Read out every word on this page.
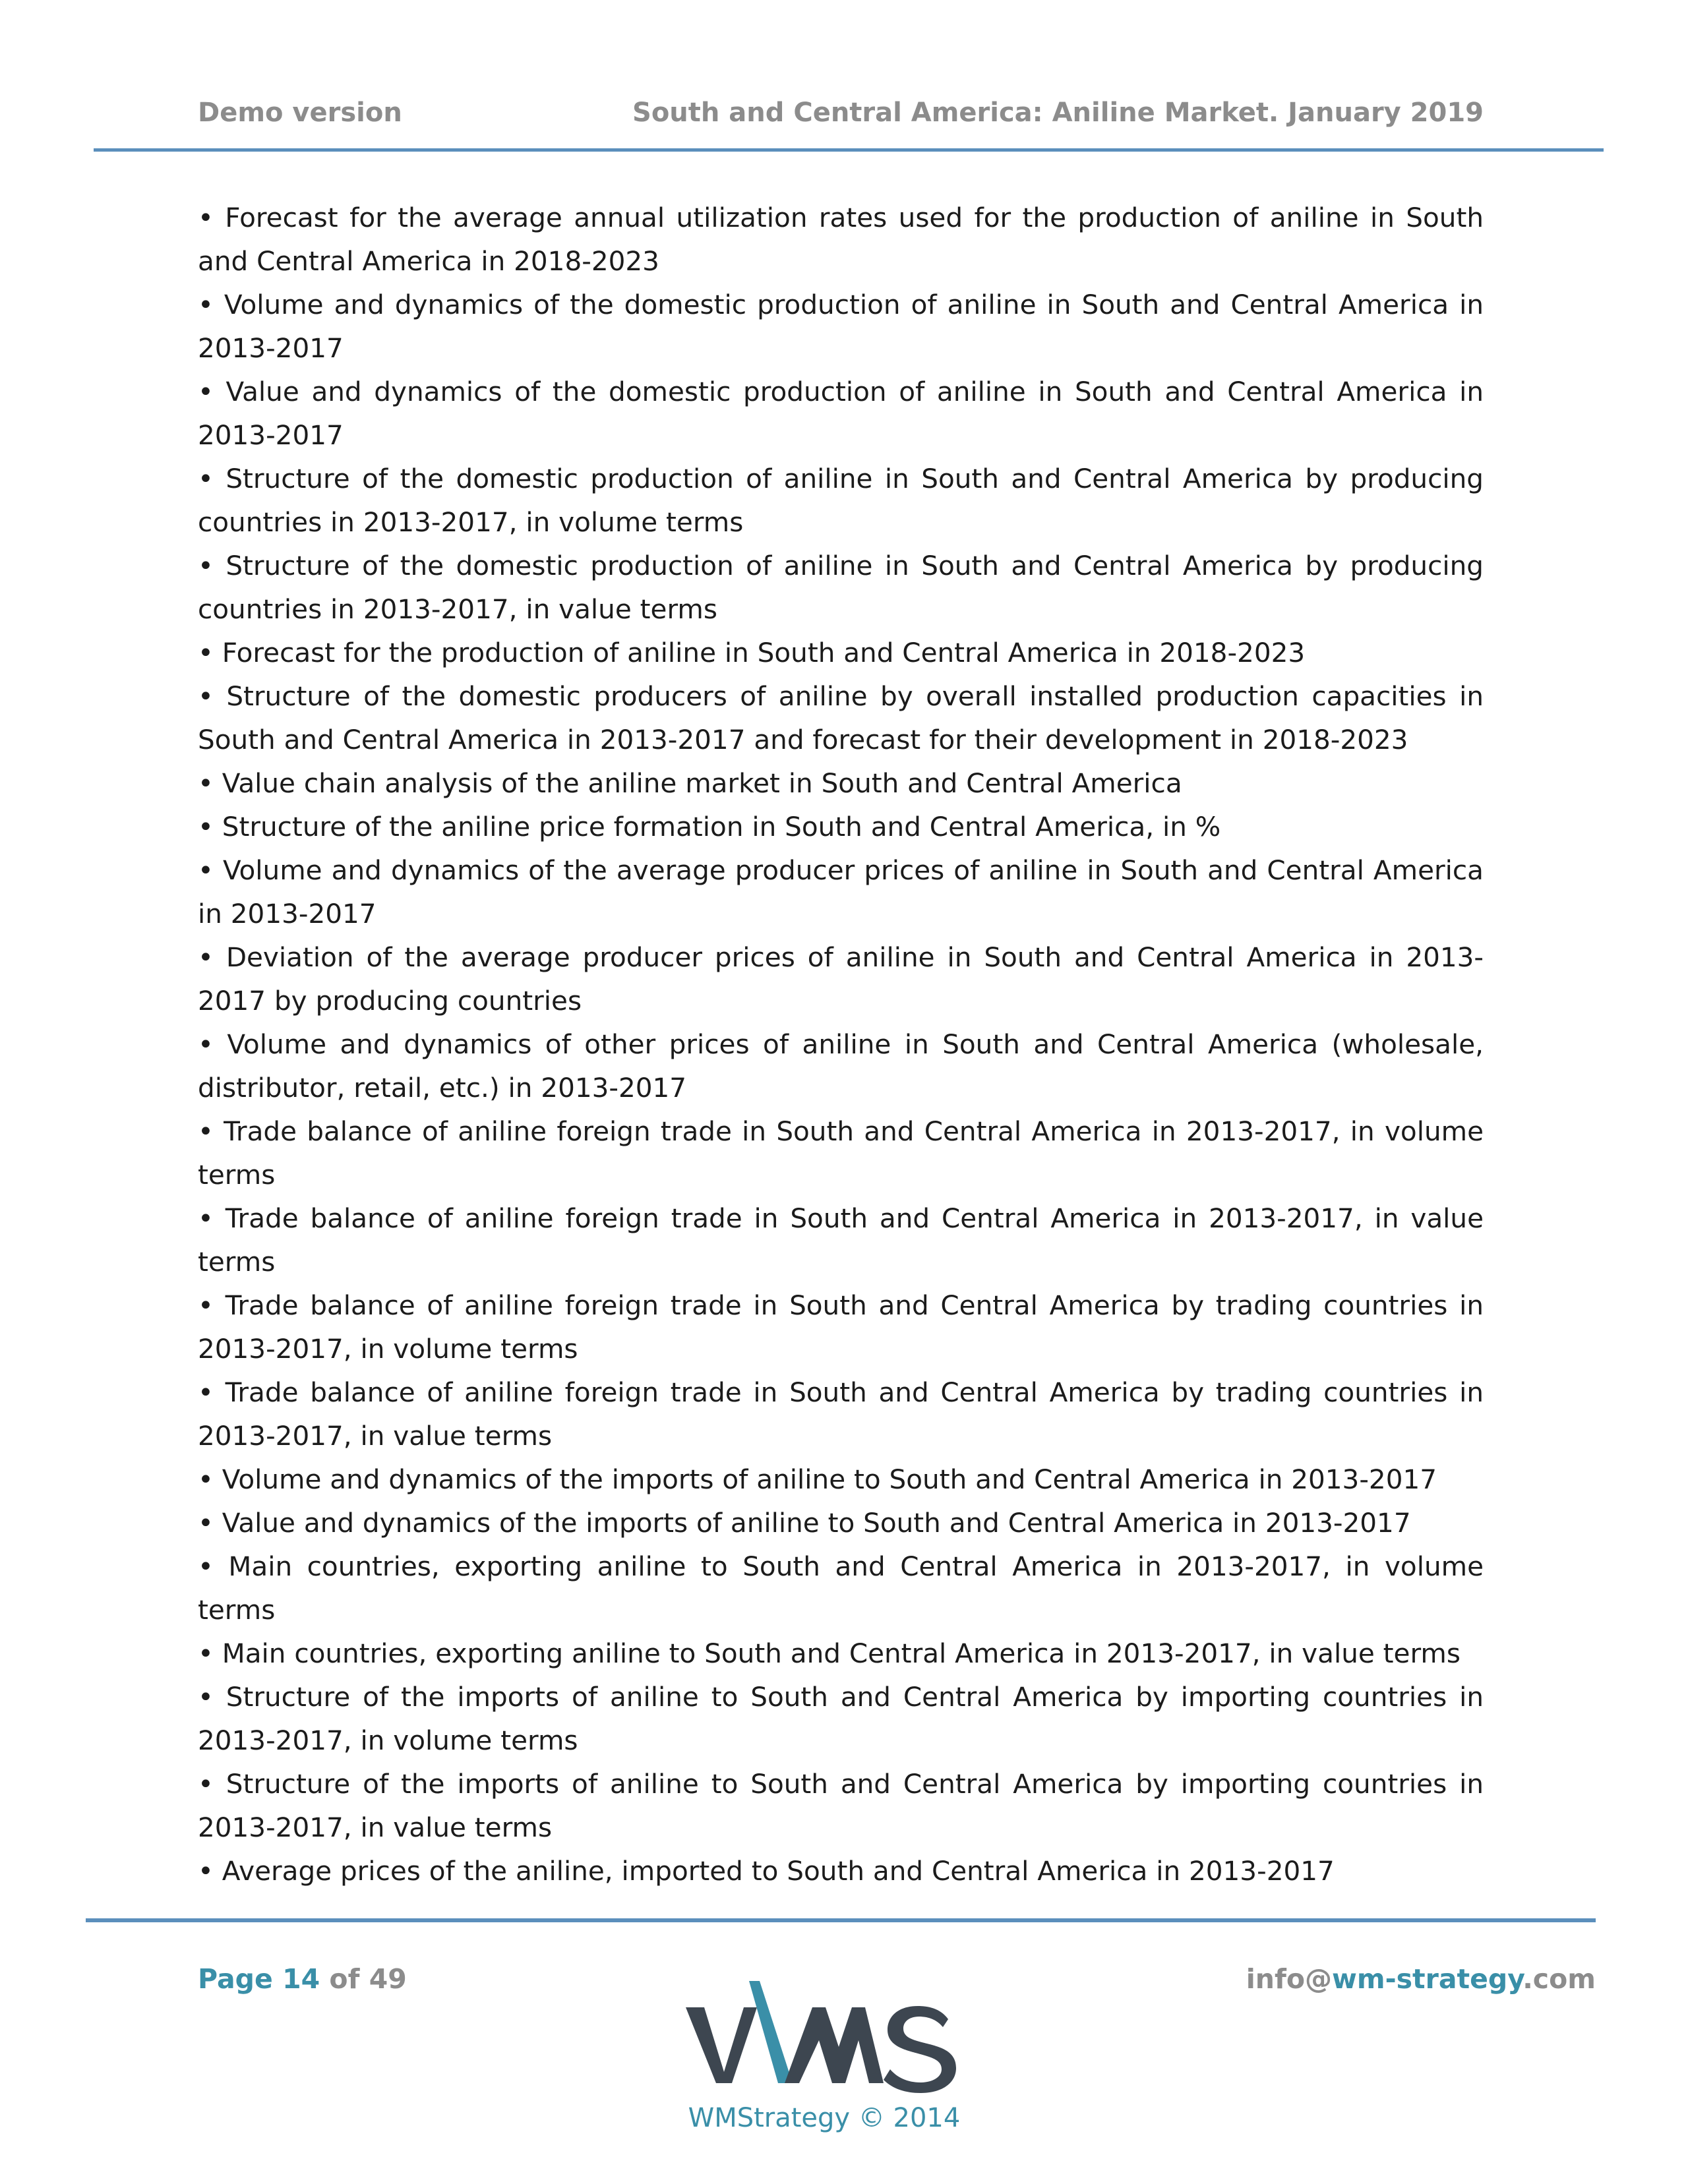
Demo version	South and Central America: Aniline Market. January 2019

• Forecast for the average annual utilization rates used for the production of aniline in South and Central America in 2018-2023

• Volume and dynamics of the domestic production of aniline in South and Central America in 2013-2017

• Value and dynamics of the domestic production of aniline in South and Central America in 2013-2017

• Structure of the domestic production of aniline in South and Central America by producing countries in 2013-2017, in volume terms

• Structure of the domestic production of aniline in South and Central America by producing countries in 2013-2017, in value terms

• Forecast for the production of aniline in South and Central America in 2018-2023

• Structure of the domestic producers of aniline by overall installed production capacities in South and Central America in 2013-2017 and forecast for their development in 2018-2023

• Value chain analysis of the aniline market in South and Central America

• Structure of the aniline price formation in South and Central America, in %

• Volume and dynamics of the average producer prices of aniline in South and Central America in 2013-2017

• Deviation of the average producer prices of aniline in South and Central America in 2013-2017 by producing countries

• Volume and dynamics of other prices of aniline in South and Central America (wholesale, distributor, retail, etc.) in 2013-2017

• Trade balance of aniline foreign trade in South and Central America in 2013-2017, in volume terms

• Trade balance of aniline foreign trade in South and Central America in 2013-2017, in value terms

• Trade balance of aniline foreign trade in South and Central America by trading countries in 2013-2017, in volume terms

• Trade balance of aniline foreign trade in South and Central America by trading countries in 2013-2017, in value terms

• Volume and dynamics of the imports of aniline to South and Central America in 2013-2017

• Value and dynamics of the imports of aniline to South and Central America in 2013-2017

• Main countries, exporting aniline to South and Central America in 2013-2017, in volume terms

• Main countries, exporting aniline to South and Central America in 2013-2017, in value terms

• Structure of the imports of aniline to South and Central America by importing countries in 2013-2017, in volume terms

• Structure of the imports of aniline to South and Central America by importing countries in 2013-2017, in value terms

• Average prices of the aniline, imported to South and Central America in 2013-2017

Page 14 of 49	info@wm-strategy.com
WMStrategy © 2014
